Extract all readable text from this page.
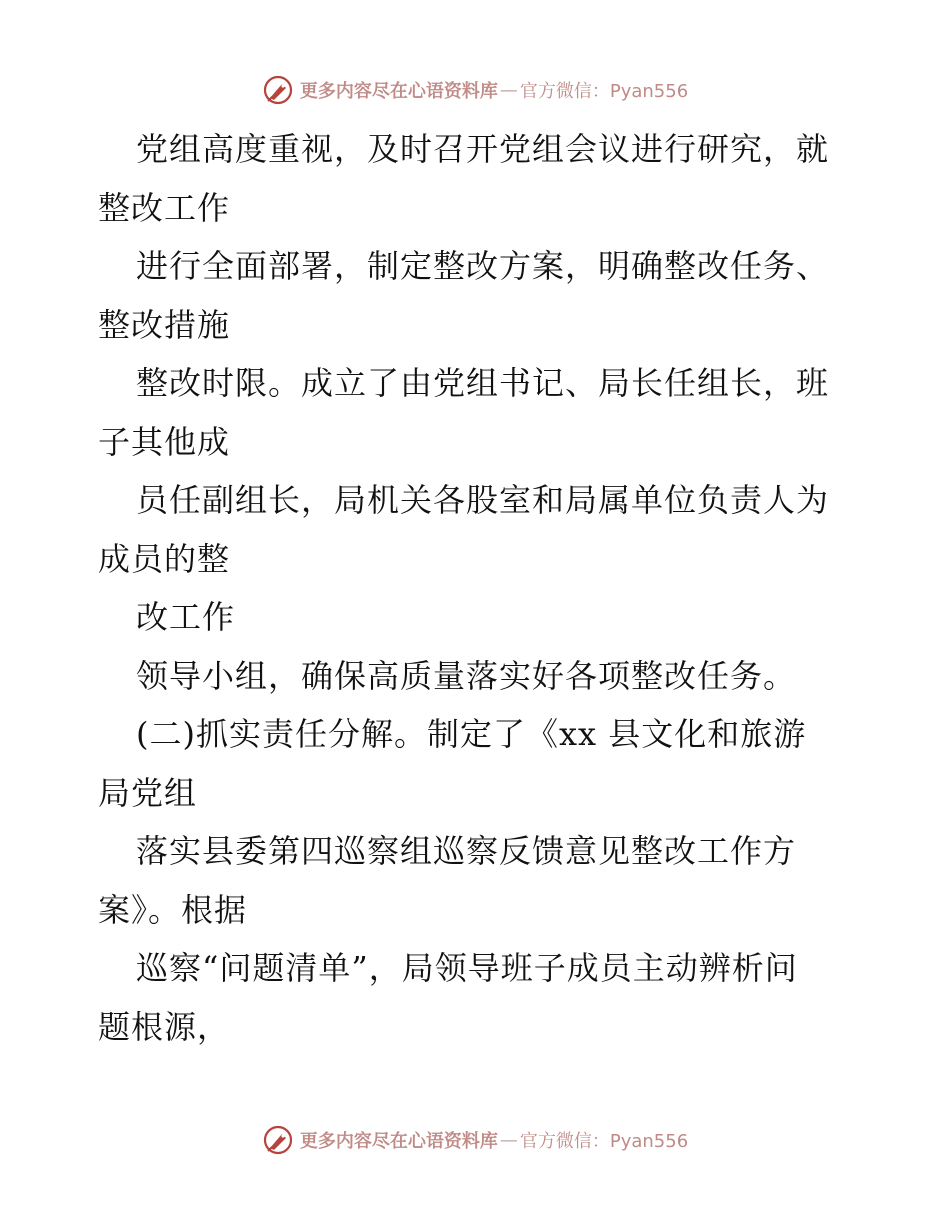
更多内容尽在心语资料库 — 官方微信：Pyan556
党组高度重视，及时召开党组会议进行研究，就
整改工作
进行全面部署，制定整改方案，明确整改任务、
整改措施
整改时限。成立了由党组书记、局长任组长，班
子其他成
员任副组长，局机关各股室和局属单位负责人为
成员的整
改工作
领导小组，确保高质量落实好各项整改任务。
(二)抓实责任分解。制定了《xx 县文化和旅游
局党组
落实县委第四巡察组巡察反馈意见整改工作方
案》。根据
巡察“问题清单”，局领导班子成员主动辨析问
题根源，
更多内容尽在心语资料库 — 官方微信：Pyan556
